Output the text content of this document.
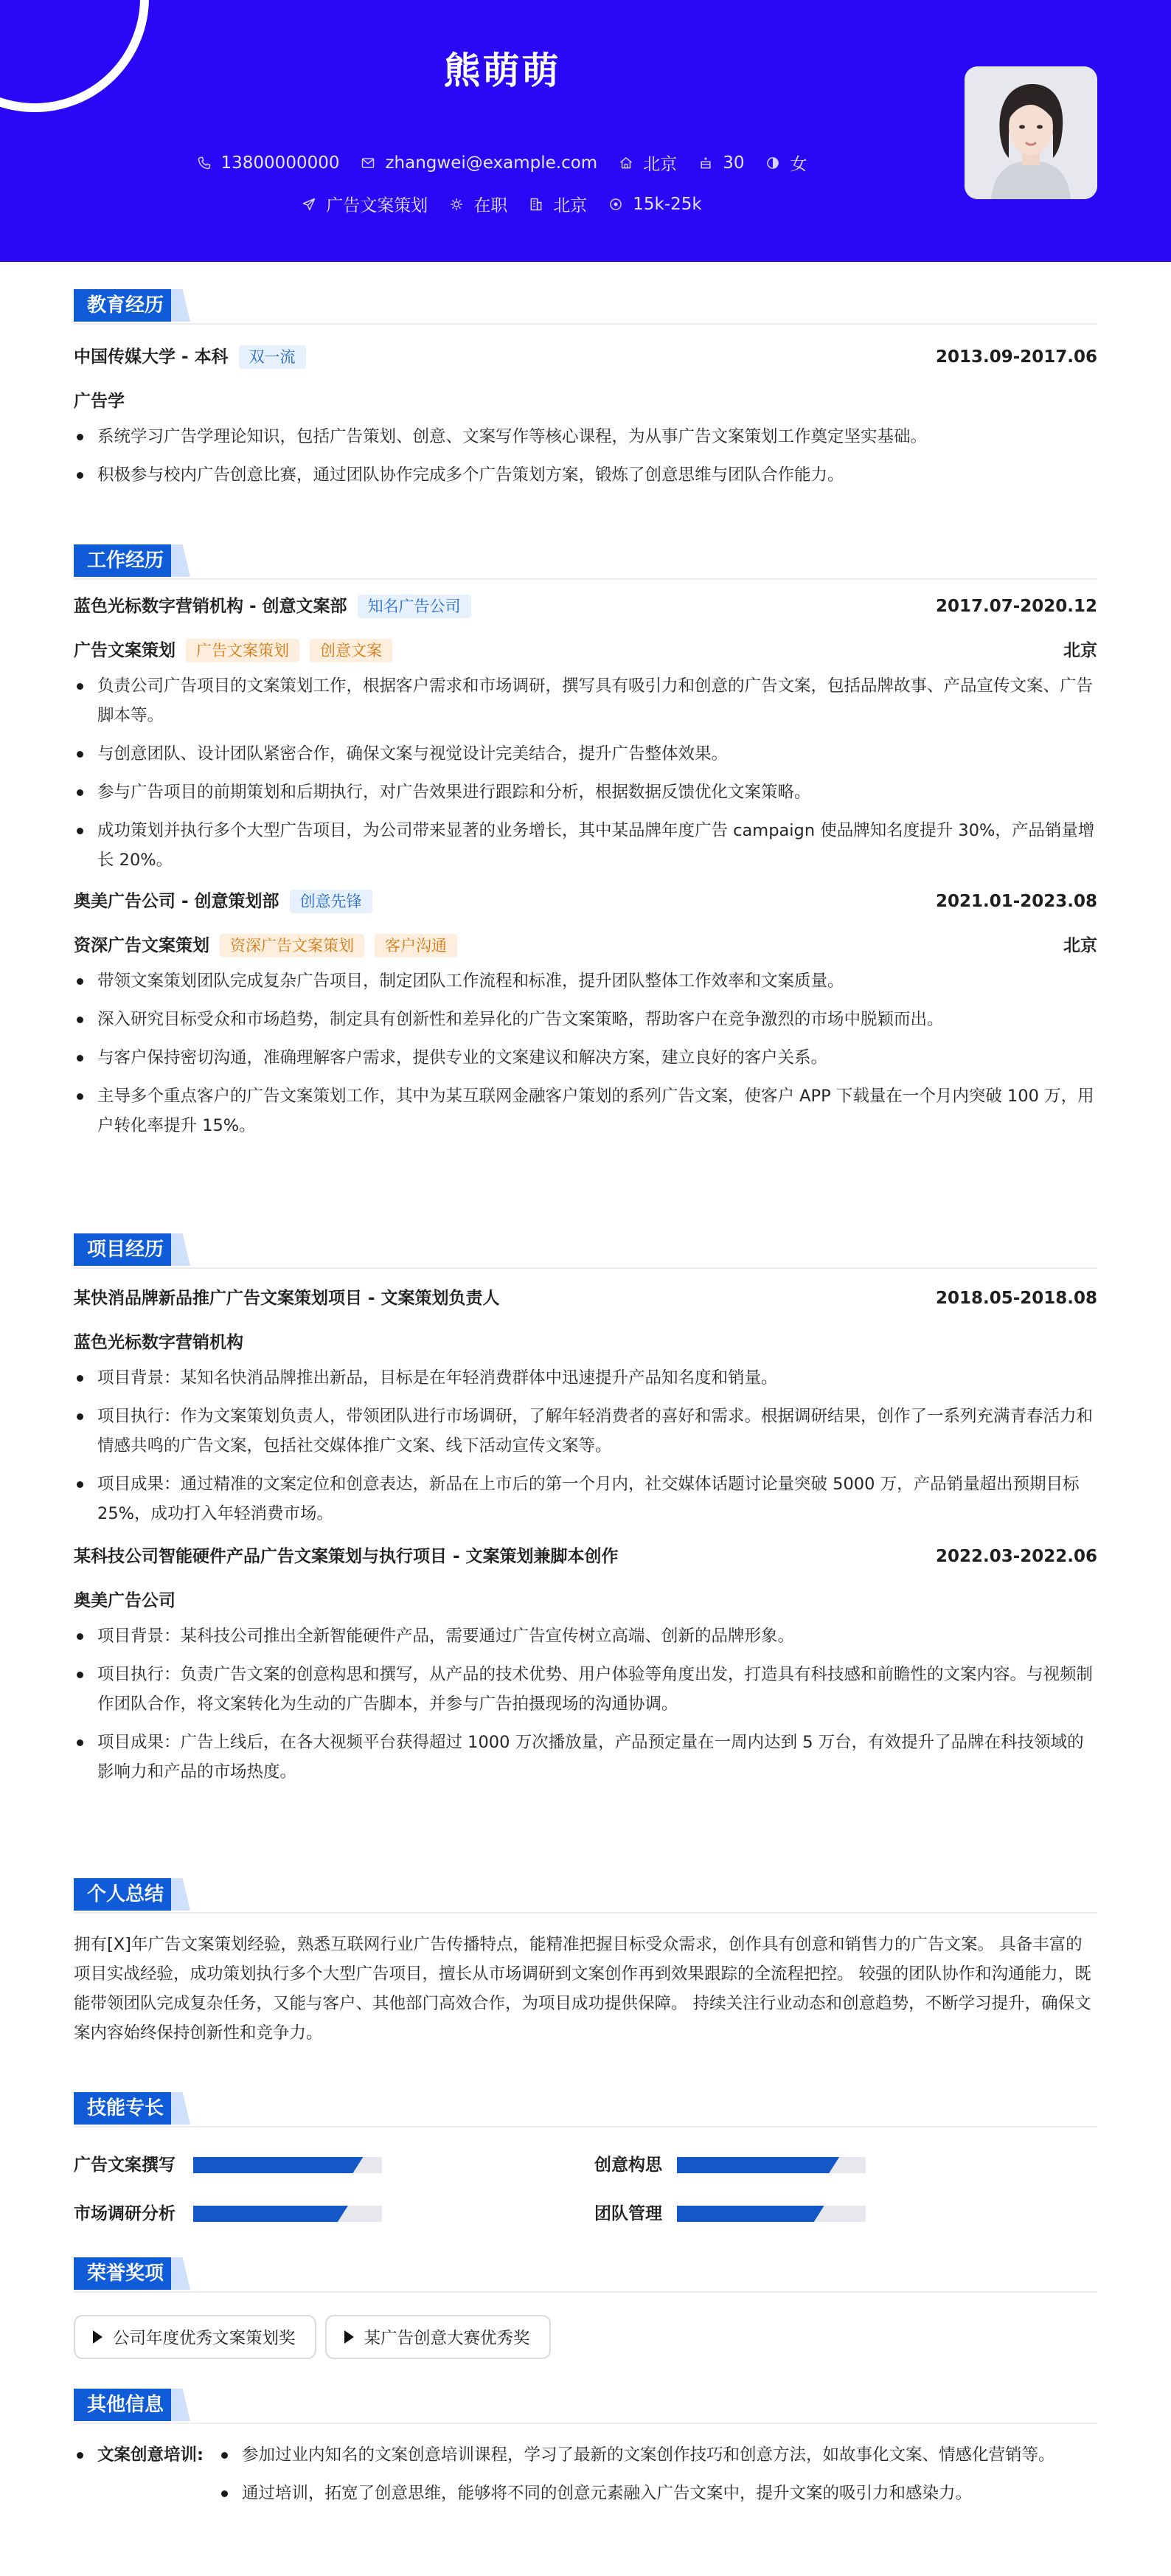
熊萌萌
13800000000	zhangwei@example.com	北京	30	女
广告文案策划	在职	北京	15k-25k
教育经历
中国传媒大学 - 本科 双一流	2013.09-2017.06
广告学
系统学习广告学理论知识，包括广告策划、创意、文案写作等核心课程，为从事广告文案策划工作奠定坚实基础。
积极参与校内广告创意比赛，通过团队协作完成多个广告策划方案，锻炼了创意思维与团队合作能力。
工作经历
蓝色光标数字营销机构 - 创意文案部 知名广告公司	2017.07-2020.12
广告文案策划 广告文案策划 创意文案	北京
负责公司广告项目的文案策划工作，根据客户需求和市场调研，撰写具有吸引力和创意的广告文案，包括品牌故事、产品宣传文案、广告脚本等。
与创意团队、设计团队紧密合作，确保文案与视觉设计完美结合，提升广告整体效果。
参与广告项目的前期策划和后期执行，对广告效果进行跟踪和分析，根据数据反馈优化文案策略。
成功策划并执行多个大型广告项目，为公司带来显著的业务增长，其中某品牌年度广告 campaign 使品牌知名度提升 30%，产品销量增长 20%。
奥美广告公司 - 创意策划部 创意先锋	2021.01-2023.08
资深广告文案策划 资深广告文案策划 客户沟通	北京
带领文案策划团队完成复杂广告项目，制定团队工作流程和标准，提升团队整体工作效率和文案质量。
深入研究目标受众和市场趋势，制定具有创新性和差异化的广告文案策略，帮助客户在竞争激烈的市场中脱颖而出。
与客户保持密切沟通，准确理解客户需求，提供专业的文案建议和解决方案，建立良好的客户关系。
主导多个重点客户的广告文案策划工作，其中为某互联网金融客户策划的系列广告文案，使客户 APP 下载量在一个月内突破 100 万，用户转化率提升 15%。
项目经历
某快消品牌新品推广广告文案策划项目 - 文案策划负责人	2018.05-2018.08
蓝色光标数字营销机构
项目背景：某知名快消品牌推出新品，目标是在年轻消费群体中迅速提升产品知名度和销量。
项目执行：作为文案策划负责人，带领团队进行市场调研，了解年轻消费者的喜好和需求。根据调研结果，创作了一系列充满青春活力和情感共鸣的广告文案，包括社交媒体推广文案、线下活动宣传文案等。
项目成果：通过精准的文案定位和创意表达，新品在上市后的第一个月内，社交媒体话题讨论量突破 5000 万，产品销量超出预期目标 25%，成功打入年轻消费市场。
某科技公司智能硬件产品广告文案策划与执行项目 - 文案策划兼脚本创作	2022.03-2022.06
奥美广告公司
项目背景：某科技公司推出全新智能硬件产品，需要通过广告宣传树立高端、创新的品牌形象。
项目执行：负责广告文案的创意构思和撰写，从产品的技术优势、用户体验等角度出发，打造具有科技感和前瞻性的文案内容。与视频制作团队合作，将文案转化为生动的广告脚本，并参与广告拍摄现场的沟通协调。
项目成果：广告上线后，在各大视频平台获得超过 1000 万次播放量，产品预定量在一周内达到 5 万台，有效提升了品牌在科技领域的影响力和产品的市场热度。
个人总结
拥有[X]年广告文案策划经验，熟悉互联网行业广告传播特点，能精准把握目标受众需求，创作具有创意和销售力的广告文案。 具备丰富的项目实战经验，成功策划执行多个大型广告项目，擅长从市场调研到文案创作再到效果跟踪的全流程把控。 较强的团队协作和沟通能力，既能带领团队完成复杂任务，又能与客户、其他部门高效合作，为项目成功提供保障。 持续关注行业动态和创意趋势，不断学习提升，确保文案内容始终保持创新性和竞争力。
技能专长
广告文案撰写	创意构思
市场调研分析	团队管理
荣誉奖项
公司年度优秀文案策划奖	某广告创意大赛优秀奖
其他信息
文案创意培训:	参加过业内知名的文案创意培训课程，学习了最新的文案创作技巧和创意方法，如故事化文案、情感化营销等。
通过培训，拓宽了创意思维，能够将不同的创意元素融入广告文案中，提升文案的吸引力和感染力。
